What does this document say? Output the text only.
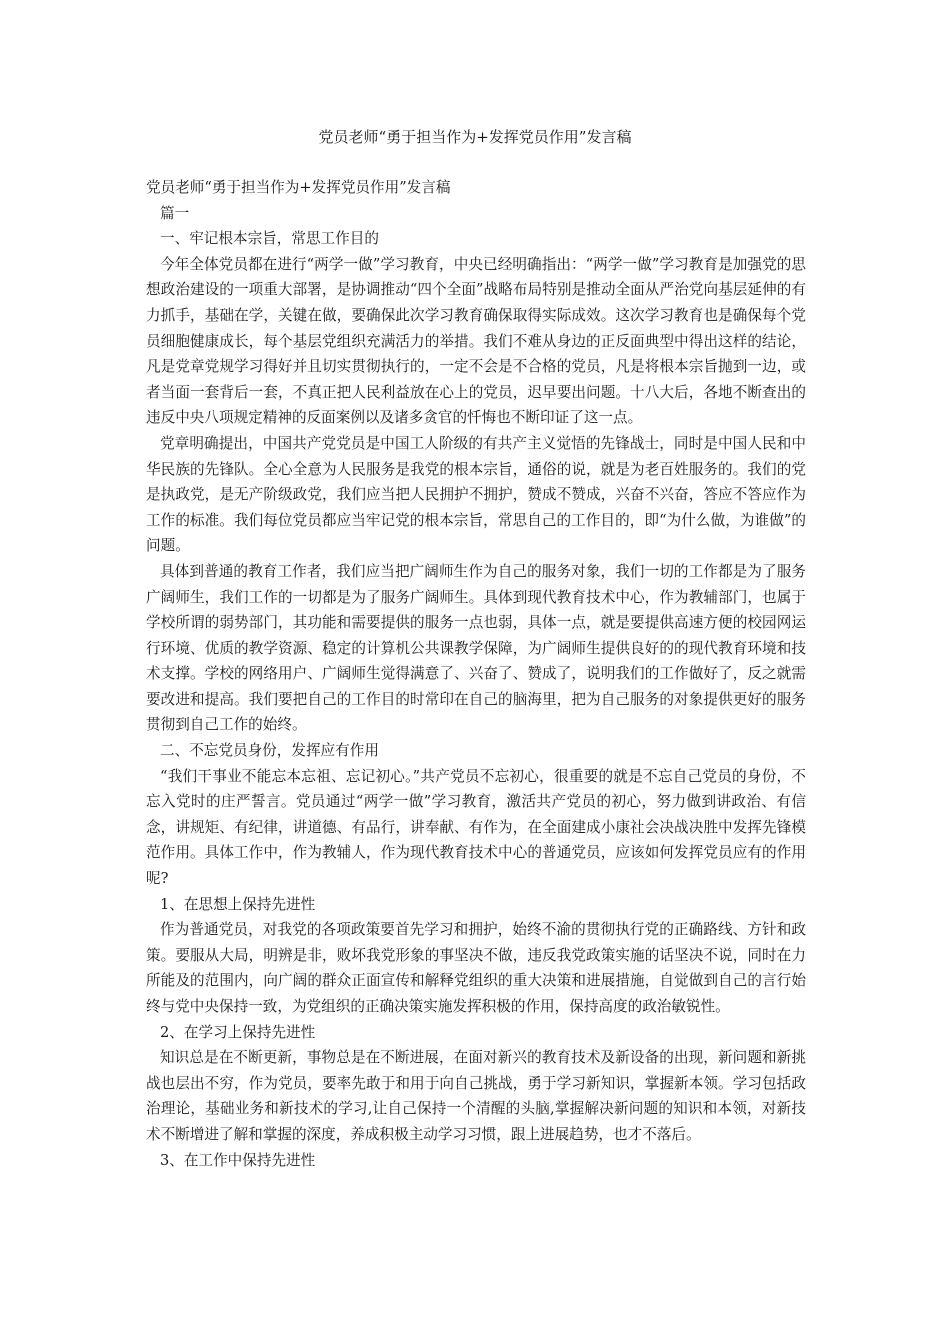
党员老师“勇于担当作为+发挥党员作用”发言稿

党员老师“勇于担当作为+发挥党员作用”发言稿

篇一

一、牢记根本宗旨，常思工作目的

今年全体党员都在进行“两学一做”学习教育，中央已经明确指出：“两学一做”学习教育是加强党的思想政治建设的一项重大部署，是协调推动“四个全面”战略布局特别是推动全面从严治党向基层延伸的有力抓手，基础在学，关键在做，要确保此次学习教育确保取得实际成效。这次学习教育也是确保每个党员细胞健康成长，每个基层党组织充满活力的举措。我们不难从身边的正反面典型中得出这样的结论，凡是党章党规学习得好并且切实贯彻执行的，一定不会是不合格的党员，凡是将根本宗旨抛到一边，或者当面一套背后一套，不真正把人民利益放在心上的党员，迟早要出问题。十八大后，各地不断查出的违反中央八项规定精神的反面案例以及诸多贪官的忏悔也不断印证了这一点。

党章明确提出，中国共产党党员是中国工人阶级的有共产主义觉悟的先锋战士，同时是中国人民和中华民族的先锋队。全心全意为人民服务是我党的根本宗旨，通俗的说，就是为老百姓服务的。我们的党是执政党，是无产阶级政党，我们应当把人民拥护不拥护，赞成不赞成，兴奋不兴奋，答应不答应作为工作的标准。我们每位党员都应当牢记党的根本宗旨，常思自己的工作目的，即“为什么做，为谁做”的问题。

具体到普通的教育工作者，我们应当把广阔师生作为自己的服务对象，我们一切的工作都是为了服务广阔师生，我们工作的一切都是为了服务广阔师生。具体到现代教育技术中心，作为教辅部门，也属于学校所谓的弱势部门，其功能和需要提供的服务一点也弱，具体一点，就是要提供高速方便的校园网运行环境、优质的教学资源、稳定的计算机公共课教学保障，为广阔师生提供良好的的现代教育环境和技术支撑。学校的网络用户、广阔师生觉得满意了、兴奋了、赞成了，说明我们的工作做好了，反之就需要改进和提高。我们要把自己的工作目的时常印在自己的脑海里，把为自己服务的对象提供更好的服务贯彻到自己工作的始终。

二、不忘党员身份，发挥应有作用

“我们干事业不能忘本忘祖、忘记初心。”共产党员不忘初心，很重要的就是不忘自己党员的身份，不忘入党时的庄严誓言。党员通过“两学一做”学习教育，激活共产党员的初心，努力做到讲政治、有信念，讲规矩、有纪律，讲道德、有品行，讲奉献、有作为，在全面建成小康社会决战决胜中发挥先锋模范作用。具体工作中，作为教辅人，作为现代教育技术中心的普通党员，应该如何发挥党员应有的作用呢?

1、在思想上保持先进性

作为普通党员，对我党的各项政策要首先学习和拥护，始终不渝的贯彻执行党的正确路线、方针和政策。要服从大局，明辨是非，败坏我党形象的事坚决不做，违反我党政策实施的话坚决不说，同时在力所能及的范围内，向广阔的群众正面宣传和解释党组织的重大决策和进展措施，自觉做到自己的言行始终与党中央保持一致，为党组织的正确决策实施发挥积极的作用，保持高度的政治敏锐性。

2、在学习上保持先进性

知识总是在不断更新，事物总是在不断进展，在面对新兴的教育技术及新设备的出现，新问题和新挑战也层出不穷，作为党员，要率先敢于和用于向自己挑战，勇于学习新知识，掌握新本领。学习包括政治理论，基础业务和新技术的学习,让自己保持一个清醒的头脑,掌握解决新问题的知识和本领，对新技术不断增进了解和掌握的深度，养成积极主动学习习惯，跟上进展趋势，也才不落后。

3、在工作中保持先进性
